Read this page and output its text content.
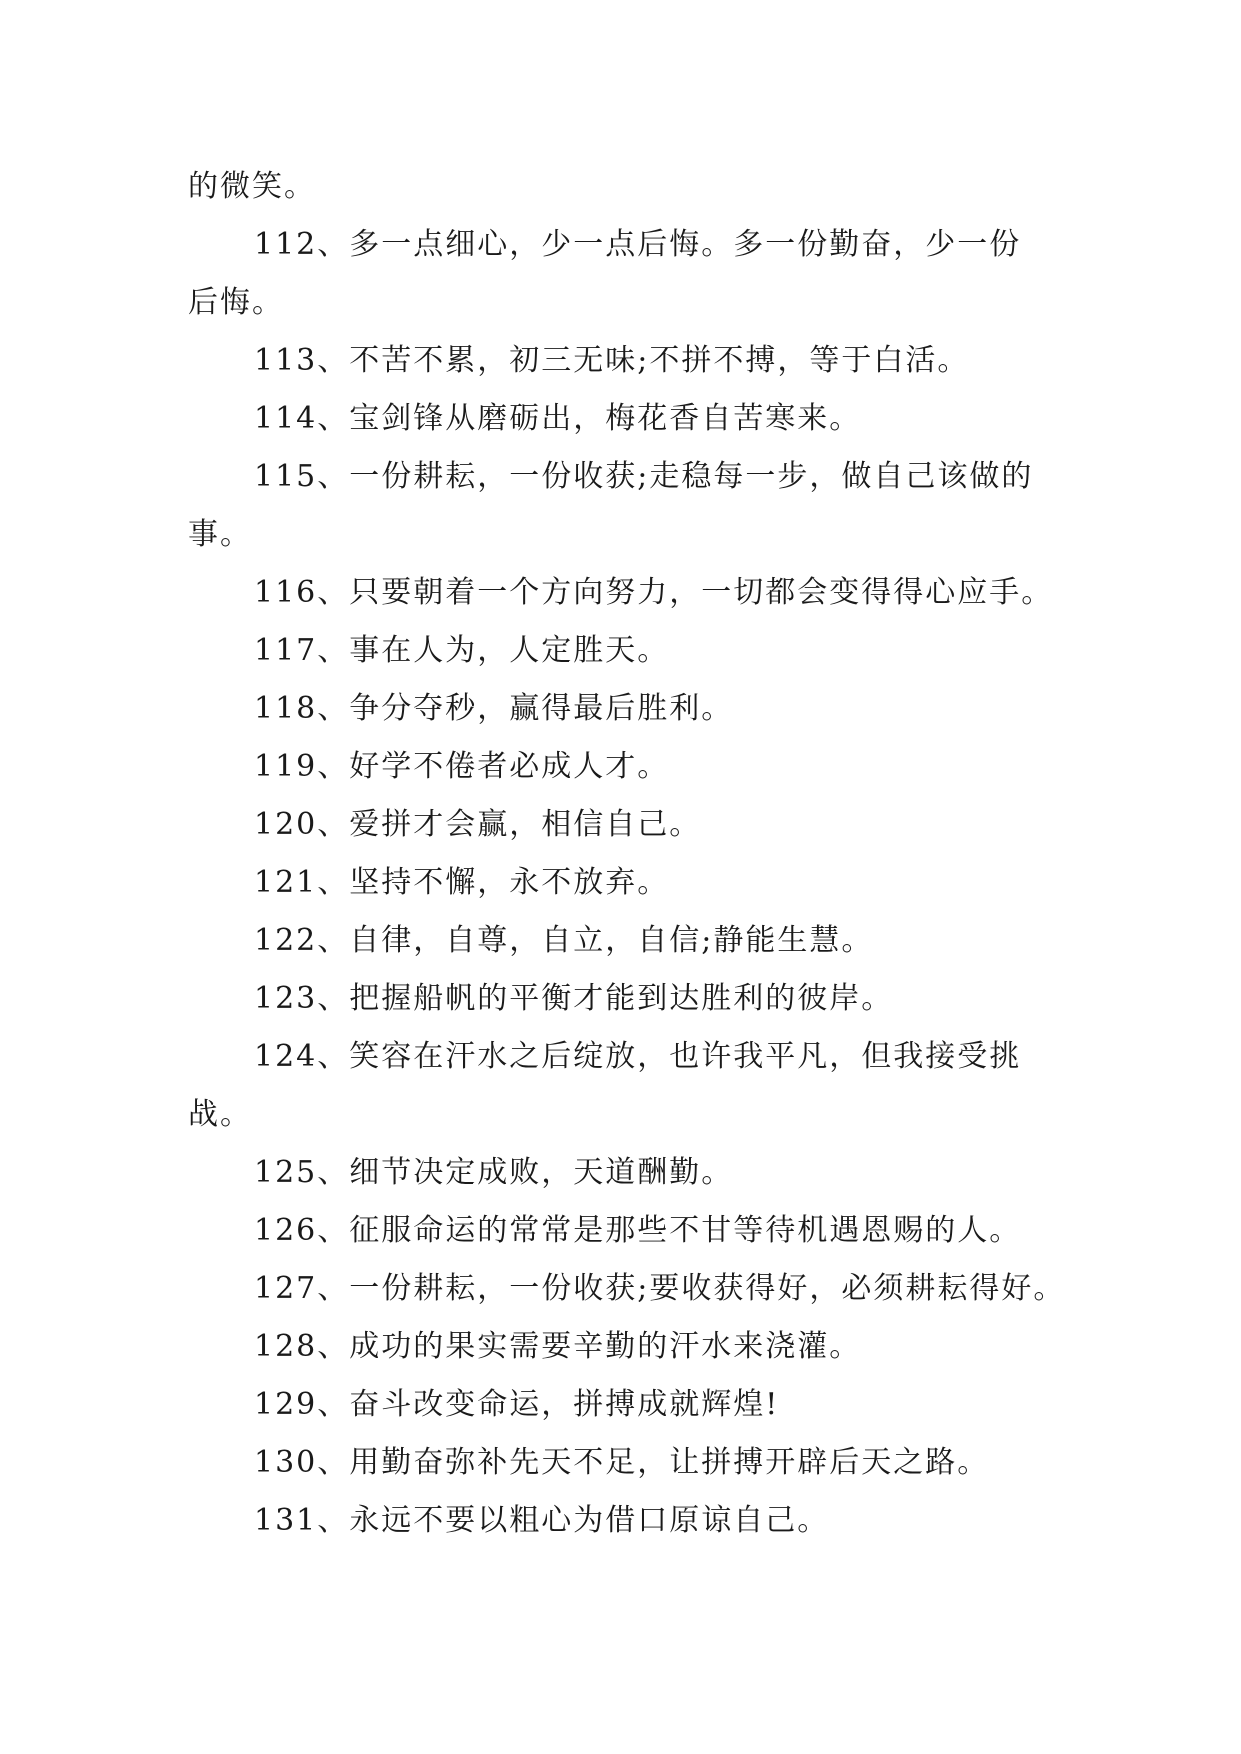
的微笑。
112、多一点细心，少一点后悔。多一份勤奋，少一份
后悔。
113、不苦不累，初三无味;不拼不搏，等于白活。
114、宝剑锋从磨砺出，梅花香自苦寒来。
115、一份耕耘，一份收获;走稳每一步，做自己该做的
事。
116、只要朝着一个方向努力，一切都会变得得心应手。
117、事在人为，人定胜天。
118、争分夺秒，赢得最后胜利。
119、好学不倦者必成人才。
120、爱拼才会赢，相信自己。
121、坚持不懈，永不放弃。
122、自律，自尊，自立，自信;静能生慧。
123、把握船帆的平衡才能到达胜利的彼岸。
124、笑容在汗水之后绽放，也许我平凡，但我接受挑
战。
125、细节决定成败，天道酬勤。
126、征服命运的常常是那些不甘等待机遇恩赐的人。
127、一份耕耘，一份收获;要收获得好，必须耕耘得好。
128、成功的果实需要辛勤的汗水来浇灌。
129、奋斗改变命运，拼搏成就辉煌!
130、用勤奋弥补先天不足，让拼搏开辟后天之路。
131、永远不要以粗心为借口原谅自己。
